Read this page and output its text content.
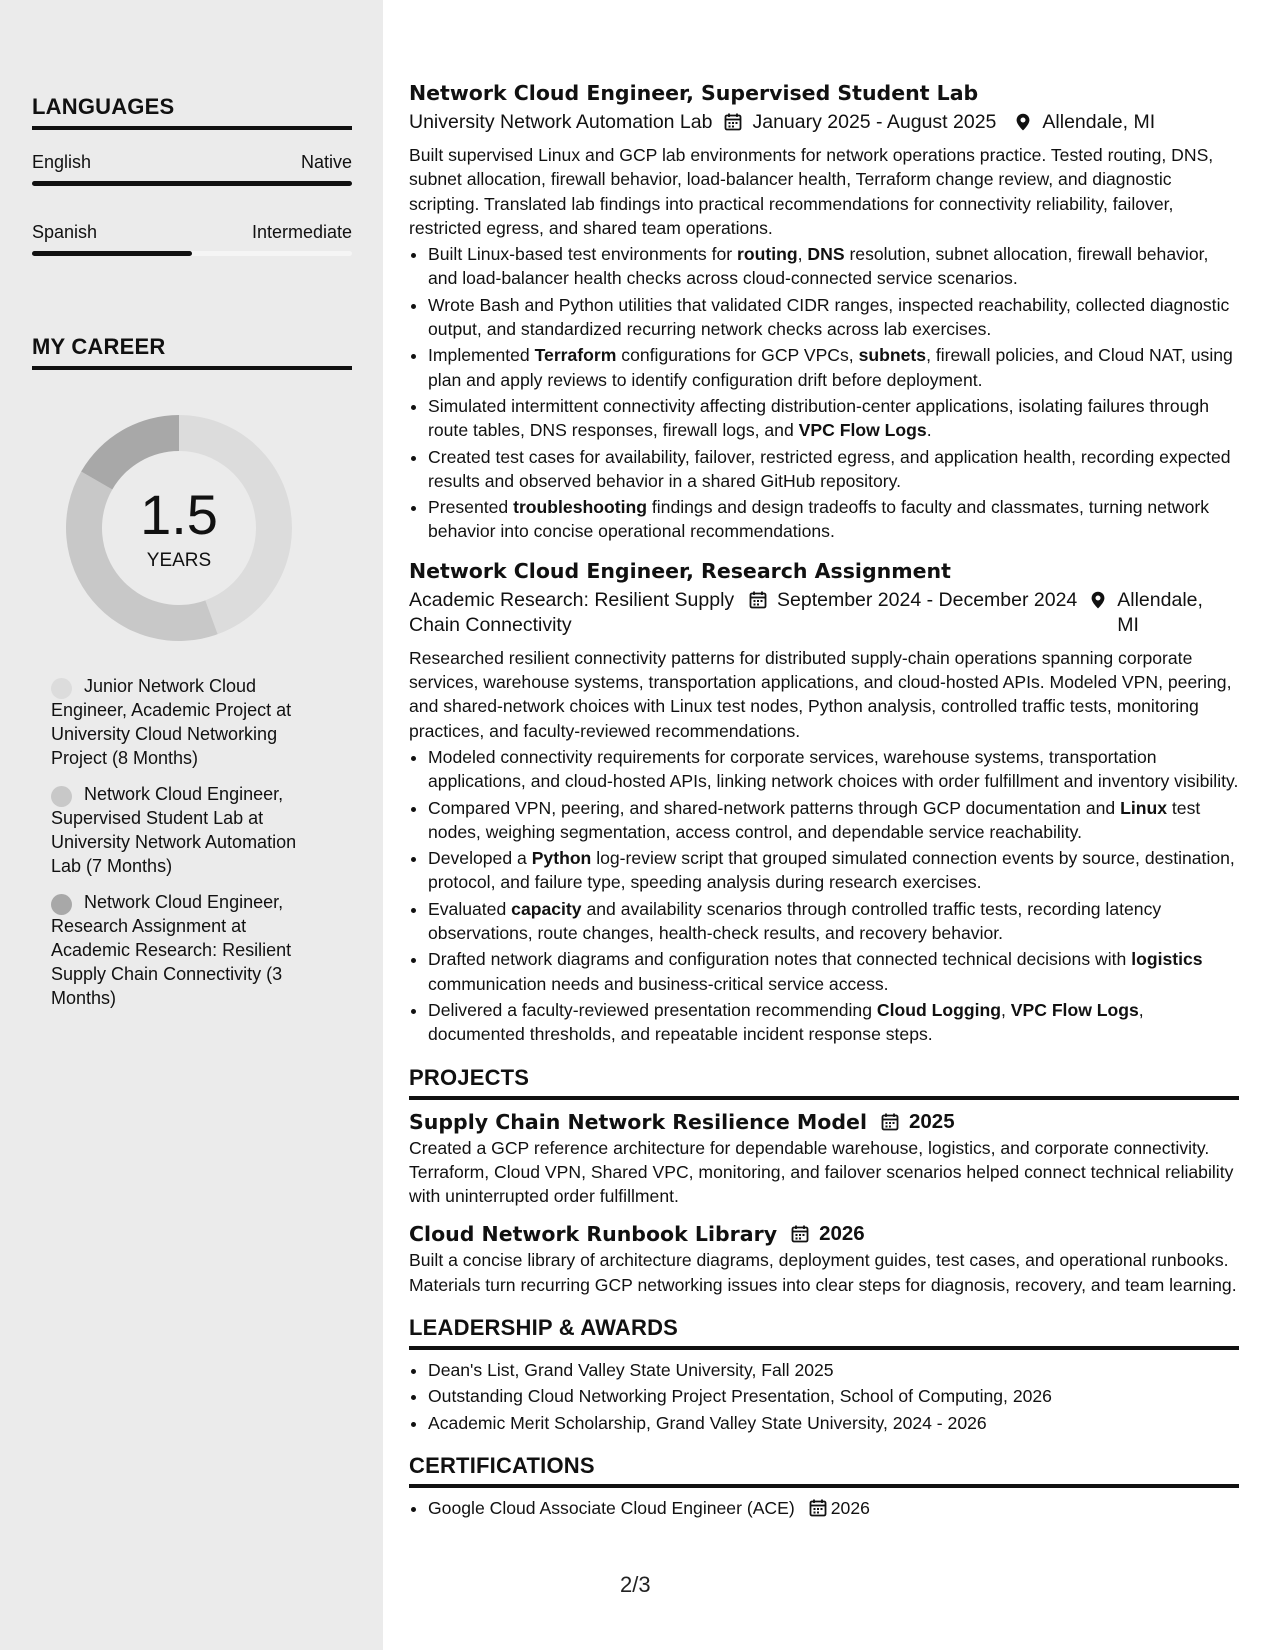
LANGUAGES
English	Native
Spanish	Intermediate
MY CAREER
1.5
YEARS
Junior Network Cloud Engineer, Academic Project at University Cloud Networking Project (8 Months)
Network Cloud Engineer, Supervised Student Lab at University Network Automation Lab (7 Months)
Network Cloud Engineer, Research Assignment at Academic Research: Resilient Supply Chain Connectivity (3 Months)
Network Cloud Engineer, Supervised Student Lab
University Network Automation Lab January 2025 - August 2025 Allendale, MI

Built supervised Linux and GCP lab environments for network operations practice. Tested routing, DNS, subnet allocation, firewall behavior, load-balancer health, Terraform change review, and diagnostic scripting. Translated lab findings into practical recommendations for connectivity reliability, failover, restricted egress, and shared team operations.

• Built Linux-based test environments for routing, DNS resolution, subnet allocation, firewall behavior, and load-balancer health checks across cloud-connected service scenarios.
• Wrote Bash and Python utilities that validated CIDR ranges, inspected reachability, collected diagnostic output, and standardized recurring network checks across lab exercises.
• Implemented Terraform configurations for GCP VPCs, subnets, firewall policies, and Cloud NAT, using plan and apply reviews to identify configuration drift before deployment.
• Simulated intermittent connectivity affecting distribution-center applications, isolating failures through route tables, DNS responses, firewall logs, and VPC Flow Logs.
• Created test cases for availability, failover, restricted egress, and application health, recording expected results and observed behavior in a shared GitHub repository.
• Presented troubleshooting findings and design tradeoffs to faculty and classmates, turning network behavior into concise operational recommendations.
Network Cloud Engineer, Research Assignment
Academic Research: Resilient Supply Chain Connectivity
September 2024 - December 2024 Allendale, MI

Researched resilient connectivity patterns for distributed supply-chain operations spanning corporate services, warehouse systems, transportation applications, and cloud-hosted APIs. Modeled VPN, peering, and shared-network choices with Linux test nodes, Python analysis, controlled traffic tests, monitoring practices, and faculty-reviewed recommendations.

• Modeled connectivity requirements for corporate services, warehouse systems, transportation applications, and cloud-hosted APIs, linking network choices with order fulfillment and inventory visibility.
• Compared VPN, peering, and shared-network patterns through GCP documentation and Linux test nodes, weighing segmentation, access control, and dependable service reachability.
• Developed a Python log-review script that grouped simulated connection events by source, destination, protocol, and failure type, speeding analysis during research exercises.
• Evaluated capacity and availability scenarios through controlled traffic tests, recording latency observations, route changes, health-check results, and recovery behavior.
• Drafted network diagrams and configuration notes that connected technical decisions with logistics communication needs and business-critical service access.
• Delivered a faculty-reviewed presentation recommending Cloud Logging, VPC Flow Logs, documented thresholds, and repeatable incident response steps.
PROJECTS
Supply Chain Network Resilience Model 2025

Created a GCP reference architecture for dependable warehouse, logistics, and corporate connectivity. Terraform, Cloud VPN, Shared VPC, monitoring, and failover scenarios helped connect technical reliability with uninterrupted order fulfillment.

Cloud Network Runbook Library 2026

Built a concise library of architecture diagrams, deployment guides, test cases, and operational runbooks. Materials turn recurring GCP networking issues into clear steps for diagnosis, recovery, and team learning.

LEADERSHIP & AWARDS
• Dean's List, Grand Valley State University, Fall 2025
• Outstanding Cloud Networking Project Presentation, School of Computing, 2026
• Academic Merit Scholarship, Grand Valley State University, 2024 - 2026
CERTIFICATIONS
• Google Cloud Associate Cloud Engineer (ACE) 2026
2/3
